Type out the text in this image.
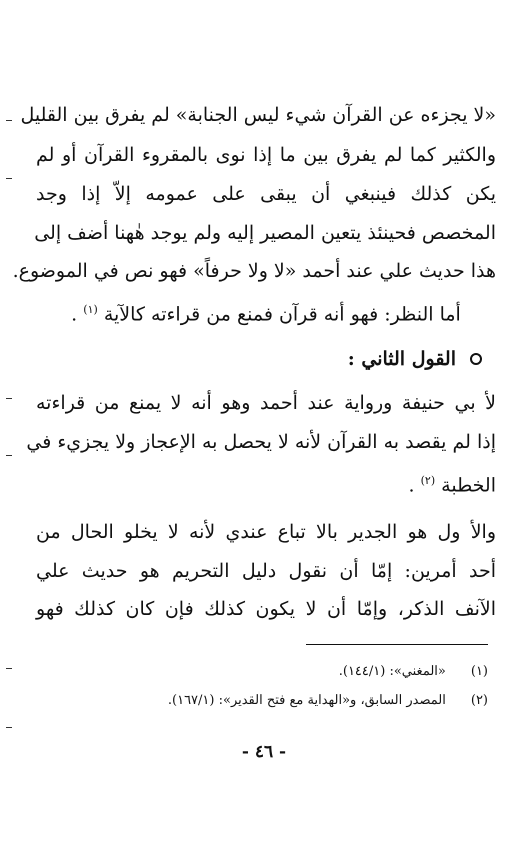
«لا يجزءه عن القرآن شيء ليس الجنابة» لم يفرق بين القليل
والكثير كما لم يفرق بين ما إذا نوى بالمقروء القرآن أو لم
يكن كذلك فينبغي أن يبقى على عمومه إلاّ إذا وجد
المخصص فحينئذ يتعين المصير إليه ولم يوجد هٰهنا أضف إلى
هذا حديث علي عند أحمد «لا ولا حرفاً» فهو نص في الموضوع.
أما النظر: فهو أنه قرآن فمنع من قراءته كالآية $^{(١)}$ .
القول الثاني :
لأ بي حنيفة ورواية عند أحمد وهو أنه لا يمنع من قراءته
إذا لم يقصد به القرآن لأنه لا يحصل به الإعجاز ولا يجزيء في
الخطبة $^{(٢)}$ .
والأ ول هو الجدير بالا تباع عندي لأنه لا يخلو الحال من
أحد أمرين: إمّا أن نقول دليل التحريم هو حديث علي
الآنف الذكر، وإمّا أن لا يكون كذلك فإن كان كذلك فهو
(١) «المغني»: (١٤٤/١).
(٢) المصدر السابق، و«الهداية مع فتح القدير»: (١٦٧/١).
- ٤٦ -
